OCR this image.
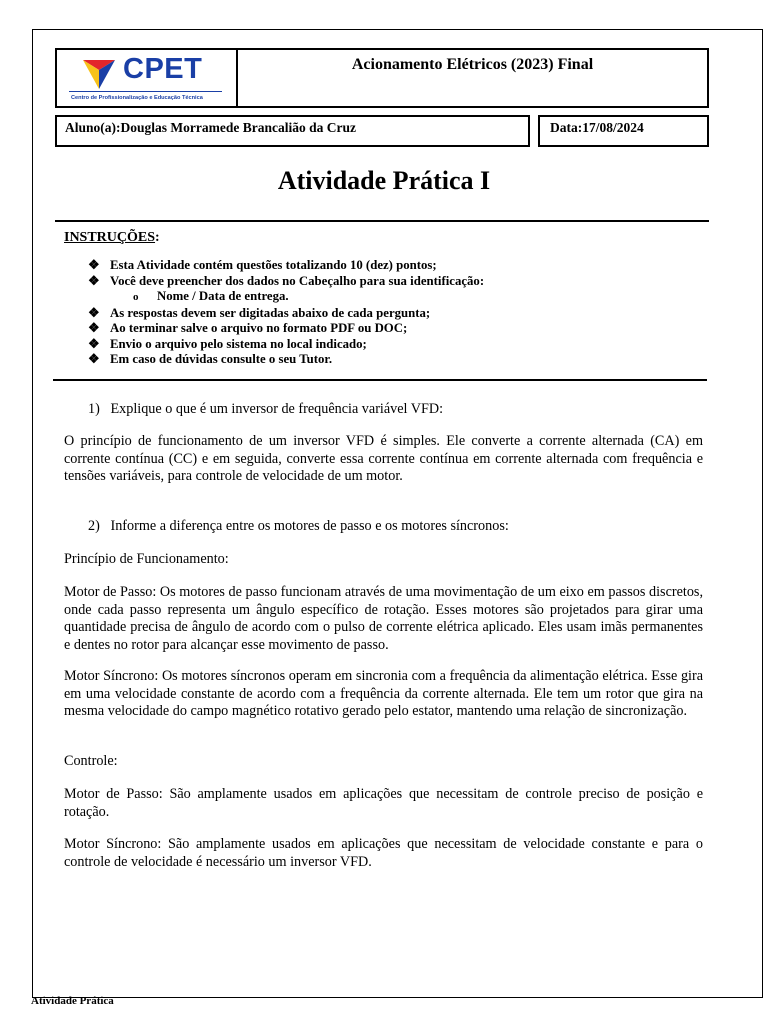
CPET
Centro de Profissionalização e Educação Técnica
Acionamento Elétricos (2023) Final
Aluno(a):Douglas Morramede Brancalião da Cruz	Data:17/08/2024
Atividade Prática I
INSTRUÇÕES:
❖ Esta Atividade contém questões totalizando 10 (dez) pontos;
❖ Você deve preencher dos dados no Cabeçalho para sua identificação:
o Nome / Data de entrega.
❖ As respostas devem ser digitadas abaixo de cada pergunta;
❖ Ao terminar salve o arquivo no formato PDF ou DOC;
❖ Envio o arquivo pelo sistema no local indicado;
❖ Em caso de dúvidas consulte o seu Tutor.
1) Explique o que é um inversor de frequência variável VFD:
O princípio de funcionamento de um inversor VFD é simples. Ele converte a corrente alternada (CA) em corrente contínua (CC) e em seguida, converte essa corrente contínua em corrente alternada com frequência e tensões variáveis, para controle de velocidade de um motor.
2) Informe a diferença entre os motores de passo e os motores síncronos:
Princípio de Funcionamento:
Motor de Passo: Os motores de passo funcionam através de uma movimentação de um eixo em passos discretos, onde cada passo representa um ângulo específico de rotação. Esses motores são projetados para girar uma quantidade precisa de ângulo de acordo com o pulso de corrente elétrica aplicado. Eles usam imãs permanentes e dentes no rotor para alcançar esse movimento de passo.
Motor Síncrono: Os motores síncronos operam em sincronia com a frequência da alimentação elétrica. Esse gira em uma velocidade constante de acordo com a frequência da corrente alternada. Ele tem um rotor que gira na mesma velocidade do campo magnético rotativo gerado pelo estator, mantendo uma relação de sincronização.
Controle:
Motor de Passo: São amplamente usados em aplicações que necessitam de controle preciso de posição e rotação.
Motor Síncrono: São amplamente usados em aplicações que necessitam de velocidade constante e para o controle de velocidade é necessário um inversor VFD.
Atividade Prática
